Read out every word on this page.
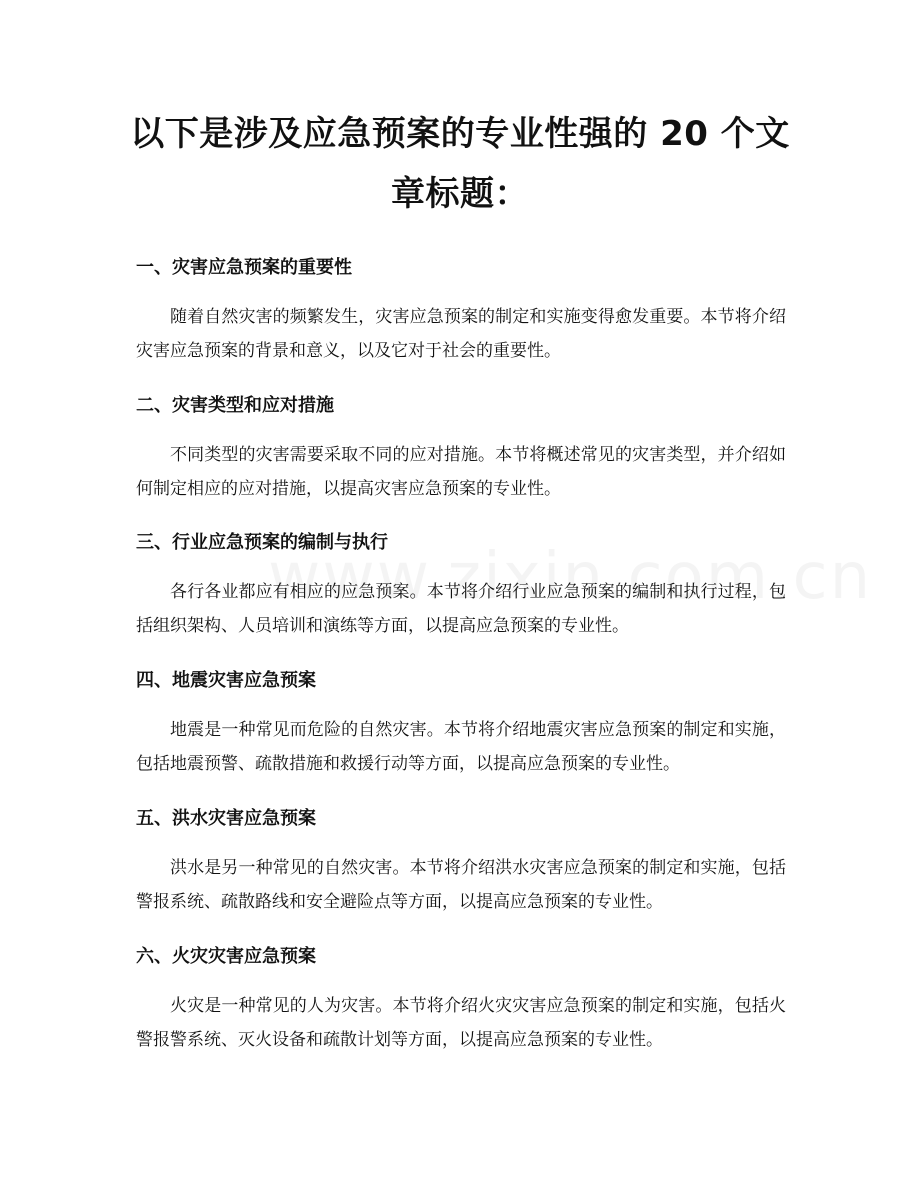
以下是涉及应急预案的专业性强的 20 个文章标题：
一、灾害应急预案的重要性

随着自然灾害的频繁发生，灾害应急预案的制定和实施变得愈发重要。本节将介绍灾害应急预案的背景和意义，以及它对于社会的重要性。

二、灾害类型和应对措施

不同类型的灾害需要采取不同的应对措施。本节将概述常见的灾害类型，并介绍如何制定相应的应对措施，以提高灾害应急预案的专业性。

三、行业应急预案的编制与执行

各行各业都应有相应的应急预案。本节将介绍行业应急预案的编制和执行过程，包括组织架构、人员培训和演练等方面，以提高应急预案的专业性。

四、地震灾害应急预案

地震是一种常见而危险的自然灾害。本节将介绍地震灾害应急预案的制定和实施，包括地震预警、疏散措施和救援行动等方面，以提高应急预案的专业性。

五、洪水灾害应急预案

洪水是另一种常见的自然灾害。本节将介绍洪水灾害应急预案的制定和实施，包括警报系统、疏散路线和安全避险点等方面，以提高应急预案的专业性。

六、火灾灾害应急预案

火灾是一种常见的人为灾害。本节将介绍火灾灾害应急预案的制定和实施，包括火警报警系统、灭火设备和疏散计划等方面，以提高应急预案的专业性。
